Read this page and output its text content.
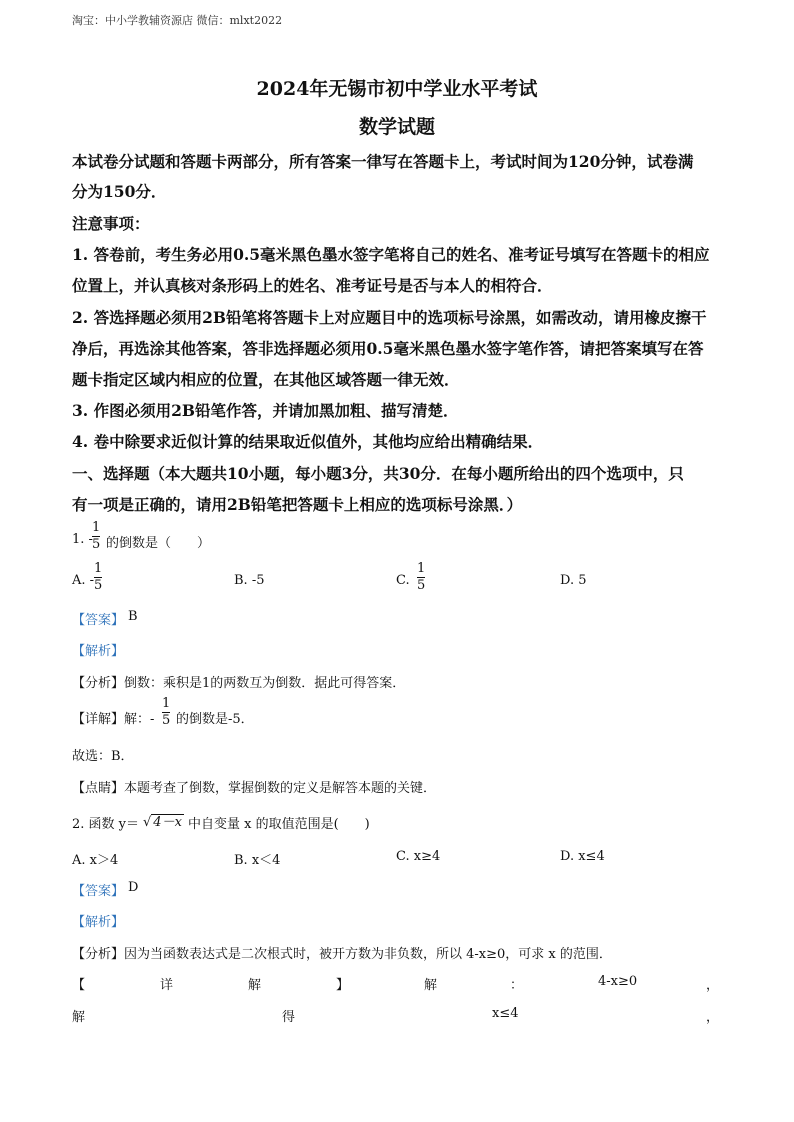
淘宝：中小学教辅资源店 微信：mlxt2022
2024年无锡市初中学业水平考试
数学试题
本试卷分试题和答题卡两部分，所有答案一律写在答题卡上，考试时间为120分钟，试卷满
分为150分．
注意事项：
1. 答卷前，考生务必用0.5毫米黑色墨水签字笔将自己的姓名、准考证号填写在答题卡的相应
位置上，并认真核对条形码上的姓名、准考证号是否与本人的相符合．
2. 答选择题必须用2B铅笔将答题卡上对应题目中的选项标号涂黑，如需改动，请用橡皮擦干
净后，再选涂其他答案，答非选择题必须用0.5毫米黑色墨水签字笔作答，请把答案填写在答
题卡指定区域内相应的位置，在其他区域答题一律无效．
3. 作图必须用2B铅笔作答，并请加黑加粗、描写清楚．
4. 卷中除要求近似计算的结果取近似值外，其他均应给出精确结果．
一、选择题（本大题共10小题，每小题3分，共30分．在每小题所给出的四个选项中，只
有一项是正确的，请用2B铅笔把答题卡上相应的选项标号涂黑．）
1. -
1
5 的倒数是（　　）
A. -
1
5	B. -5	C.
1
5	D. 5
【答案】 B
【解析】
【分析】倒数：乘积是1的两数互为倒数．据此可得答案．
【详解】解：-
1
5 的倒数是-5．
故选：B．
【点睛】本题考查了倒数，掌握倒数的定义是解答本题的关键．
2. 函数 y＝ √ 4－x 中自变量 x 的取值范围是(　　)
A. x＞4	B. x＜4	C. x≥4	D. x≤4
【答案】 D
【解析】
【分析】因为当函数表达式是二次根式时，被开方数为非负数，所以 4-x≥0，可求 x 的范围．
【	详	解	】	解	：	4-x≥0	，
解	得	x≤4	，
